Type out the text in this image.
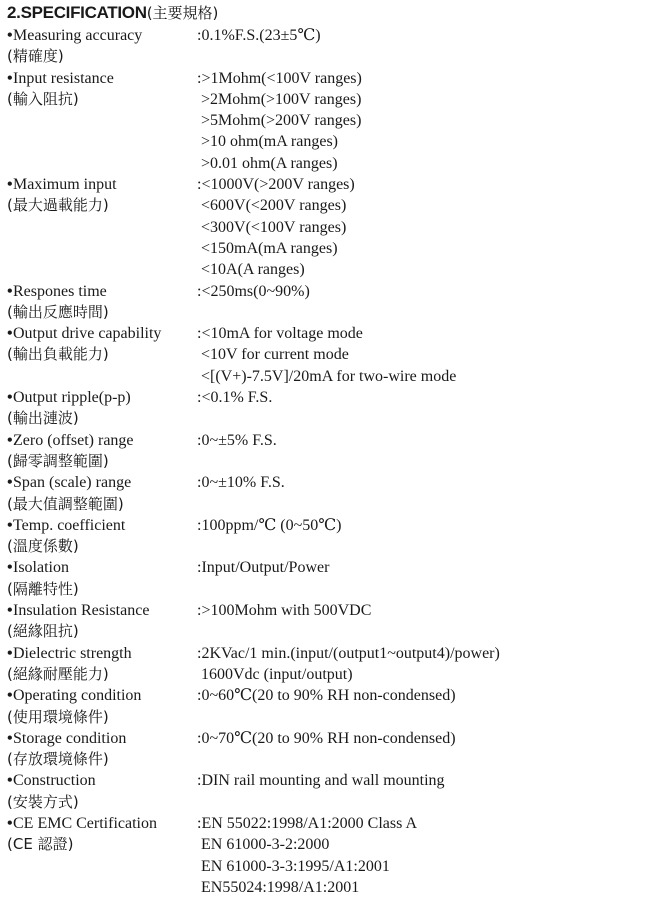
2.SPECIFICATION(主要規格)
•Measuring accuracy
(精確度)
:0.1%F.S.(23±5℃)
•Input resistance
(輸入阻抗)
:>1Mohm(<100V ranges)
>2Mohm(>100V ranges)
>5Mohm(>200V ranges)
>10 ohm(mA ranges)
>0.01 ohm(A ranges)
•Maximum input
(最大過載能力)
:<1000V(>200V ranges)
<600V(<200V ranges)
<300V(<100V ranges)
<150mA(mA ranges)
<10A(A ranges)
•Respones time
(輸出反應時間)
:<250ms(0~90%)
•Output drive capability
(輸出負載能力)
:<10mA for voltage mode
<10V for current mode
<[(V+)-7.5V]/20mA for two-wire mode
•Output ripple(p-p)
(輸出漣波)
:<0.1% F.S.
•Zero (offset) range
(歸零調整範圍)
:0~±5% F.S.
•Span (scale) range
(最大值調整範圍)
:0~±10% F.S.
•Temp. coefficient
(溫度係數)
:100ppm/℃ (0~50℃)
•Isolation
(隔離特性)
:Input/Output/Power
•Insulation Resistance
(絕緣阻抗)
:>100Mohm with 500VDC
•Dielectric strength
(絕緣耐壓能力)
:2KVac/1 min.(input/(output1~output4)/power)
1600Vdc (input/output)
•Operating condition
(使用環境條件)
:0~60℃(20 to 90% RH non-condensed)
•Storage condition
(存放環境條件)
:0~70℃(20 to 90% RH non-condensed)
•Construction
(安裝方式)
:DIN rail mounting and wall mounting
•CE EMC Certification
(CE 認證)
:EN 55022:1998/A1:2000 Class A
EN 61000-3-2:2000
EN 61000-3-3:1995/A1:2001
EN55024:1998/A1:2001
